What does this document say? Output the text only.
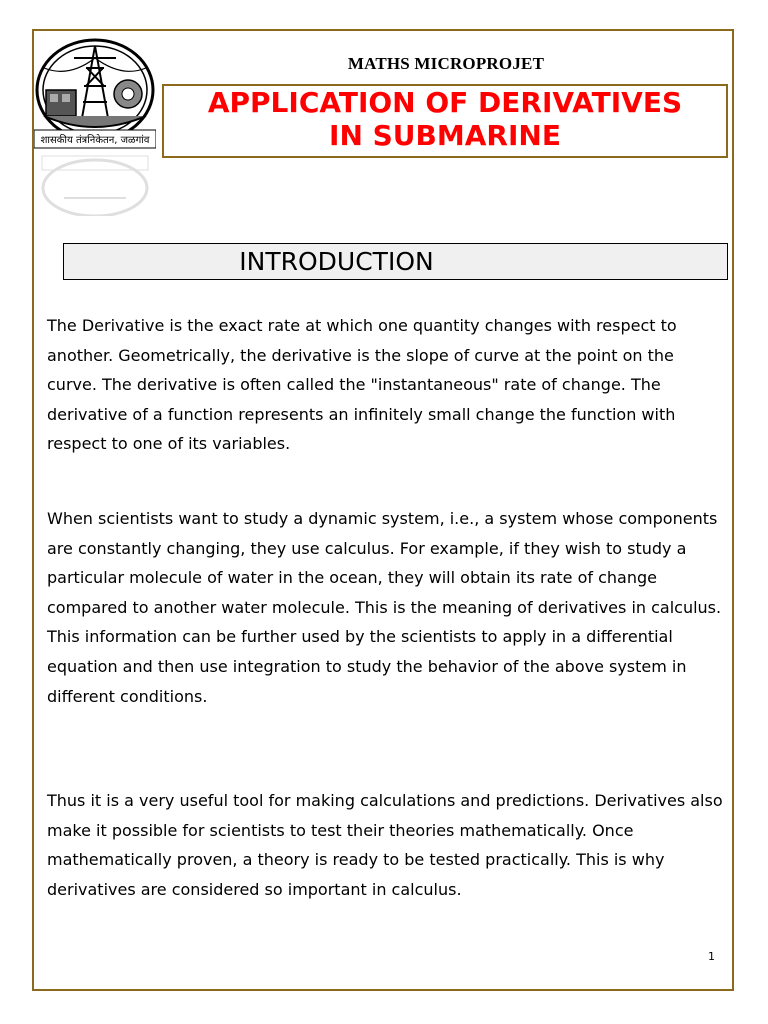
शासकीय तंत्रनिकेतन, जळगांव
MATHS MICROPROJET
APPLICATION OF DERIVATIVES
IN SUBMARINE
INTRODUCTION
The Derivative is the exact rate at which one quantity changes with respect to another. Geometrically, the derivative is the slope of curve at the point on the curve. The derivative is often called the "instantaneous" rate of change. The derivative of a function represents an infinitely small change the function with respect to one of its variables.
When scientists want to study a dynamic system, i.e., a system whose components are constantly changing, they use calculus. For example, if they wish to study a particular molecule of water in the ocean, they will obtain its rate of change compared to another water molecule. This is the meaning of derivatives in calculus. This information can be further used by the scientists to apply in a differential equation and then use integration to study the behavior of the above system in different conditions.
Thus it is a very useful tool for making calculations and predictions. Derivatives also make it possible for scientists to test their theories mathematically. Once mathematically proven, a theory is ready to be tested practically. This is why derivatives are considered so important in calculus.
1
